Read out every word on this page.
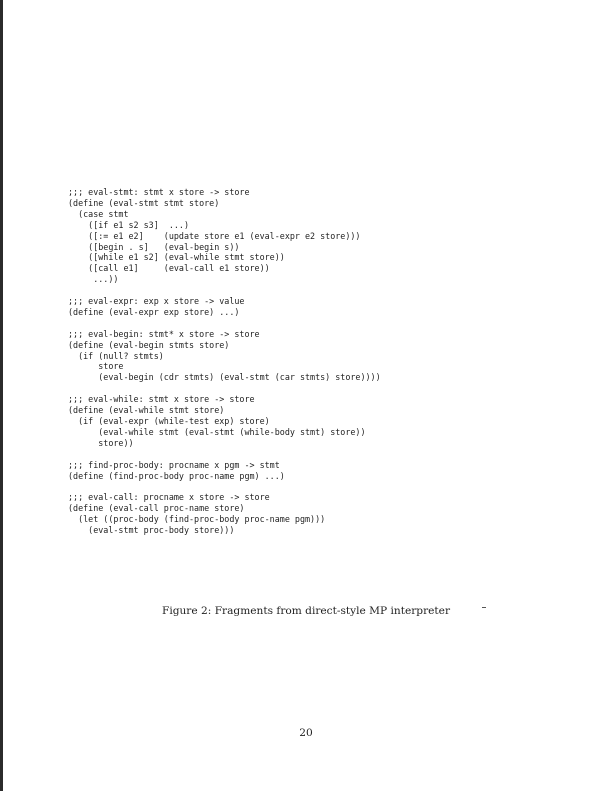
;;; eval-stmt: stmt x store -> store
(define (eval-stmt stmt store)
(case stmt
([if e1 s2 s3]  ...)
([:= e1 e2]    (update store e1 (eval-expr e2 store)))
([begin . s]   (eval-begin s))
([while e1 s2] (eval-while stmt store))
([call e1]     (eval-call e1 store))
...))
;;; eval-expr: exp x store -> value
(define (eval-expr exp store) ...)
;;; eval-begin: stmt* x store -> store
(define (eval-begin stmts store)
(if (null? stmts)
store
(eval-begin (cdr stmts) (eval-stmt (car stmts) store))))
;;; eval-while: stmt x store -> store
(define (eval-while stmt store)
(if (eval-expr (while-test exp) store)
(eval-while stmt (eval-stmt (while-body stmt) store))
store))
;;; find-proc-body: procname x pgm -> stmt
(define (find-proc-body proc-name pgm) ...)
;;; eval-call: procname x store -> store
(define (eval-call proc-name store)
(let ((proc-body (find-proc-body proc-name pgm)))
(eval-stmt proc-body store)))

Figure 2: Fragments from direct-style MP interpreter

20
